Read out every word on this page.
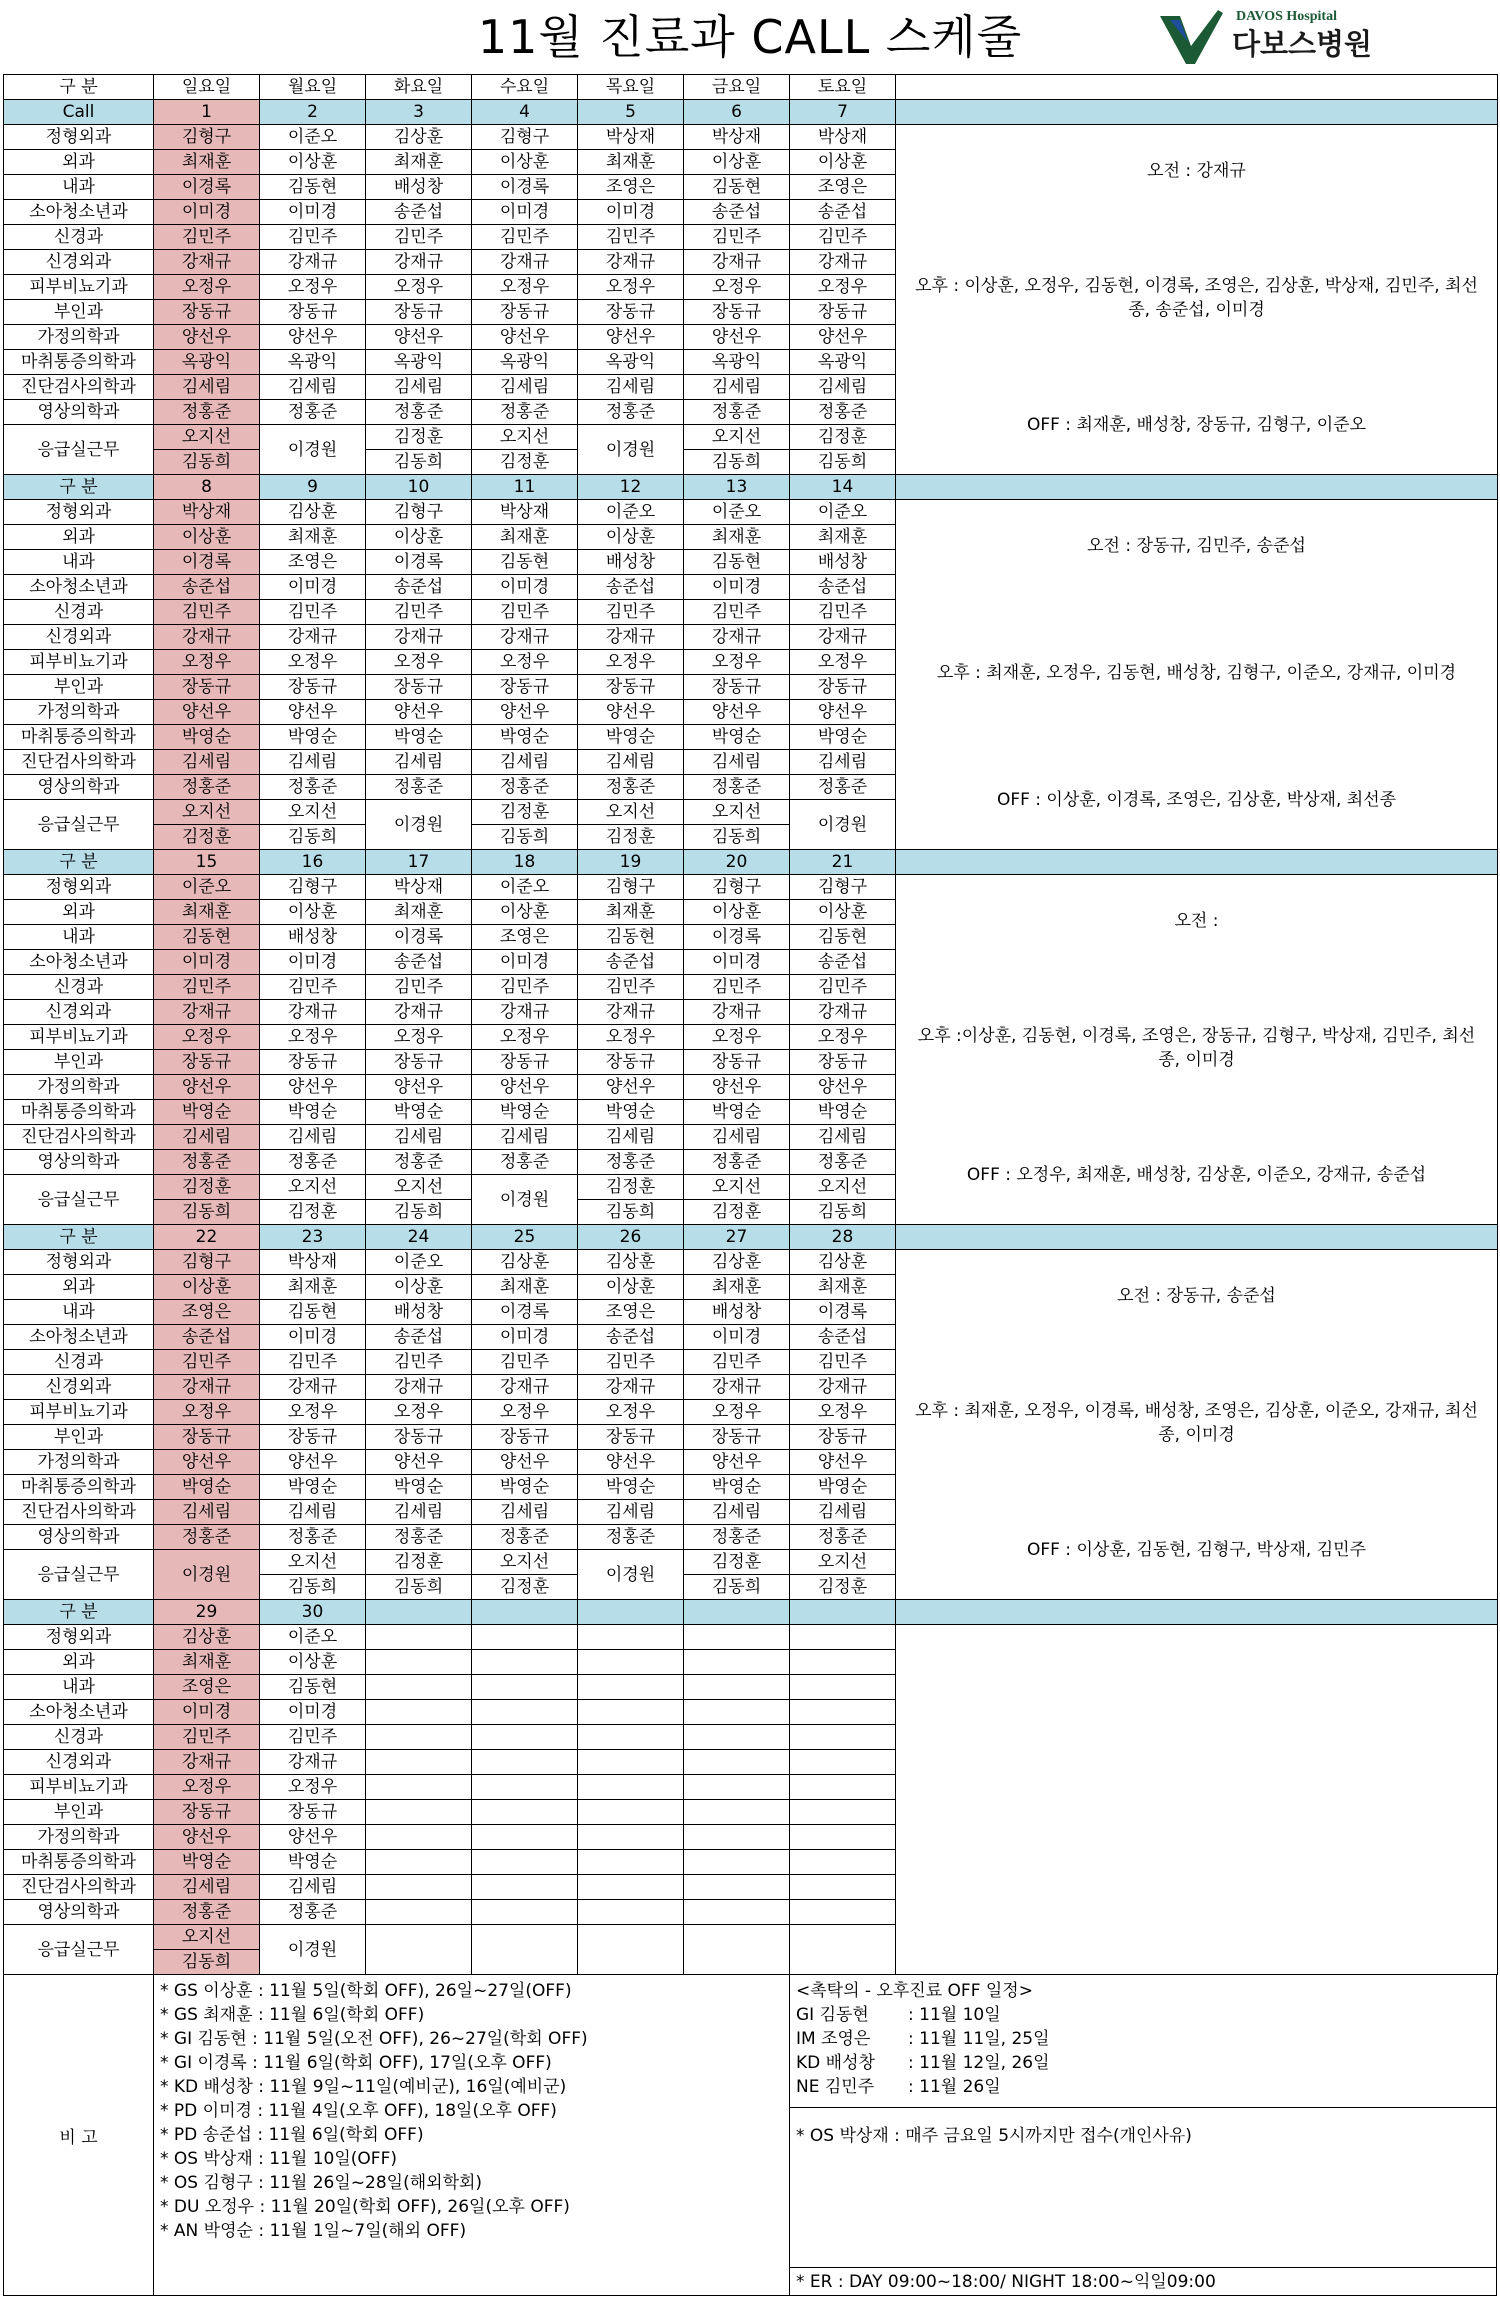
11월 진료과 CALL 스케줄	DAVOS Hospital
다보스병원
구 분	일요일	월요일	화요일	수요일	목요일	금요일	토요일	
Call	1	2	3	4	5	6	7	
정형외과	김형구	이준오	김상훈	김형구	박상재	박상재	박상재	오전 : 강재규
오후 : 이상훈, 오정우, 김동현, 이경록, 조영은, 김상훈, 박상재, 김민주, 최선종, 송준섭, 이미경
OFF : 최재훈, 배성창, 장동규, 김형구, 이준오

외과	최재훈	이상훈	최재훈	이상훈	최재훈	이상훈	이상훈	
내과	이경록	김동현	배성창	이경록	조영은	김동현	조영은	
소아청소년과	이미경	이미경	송준섭	이미경	이미경	송준섭	송준섭	
신경과	김민주	김민주	김민주	김민주	김민주	김민주	김민주	
신경외과	강재규	강재규	강재규	강재규	강재규	강재규	강재규	
피부비뇨기과	오정우	오정우	오정우	오정우	오정우	오정우	오정우	
부인과	장동규	장동규	장동규	장동규	장동규	장동규	장동규	
가정의학과	양선우	양선우	양선우	양선우	양선우	양선우	양선우	
마취통증의학과	옥광익	옥광익	옥광익	옥광익	옥광익	옥광익	옥광익	
진단검사의학과	김세림	김세림	김세림	김세림	김세림	김세림	김세림	
영상의학과	정홍준	정홍준	정홍준	정홍준	정홍준	정홍준	정홍준	
응급실근무	오지선	이경원	김정훈	오지선	이경원	오지선	김정훈	
	김동희		김동희	김정훈		김동희	김동희	
구 분	8	9	10	11	12	13	14	
정형외과	박상재	김상훈	김형구	박상재	이준오	이준오	이준오	오전 : 장동규, 김민주, 송준섭
오후 : 최재훈, 오정우, 김동현, 배성창, 김형구, 이준오, 강재규, 이미경
OFF : 이상훈, 이경록, 조영은, 김상훈, 박상재, 최선종

외과	이상훈	최재훈	이상훈	최재훈	이상훈	최재훈	최재훈	
내과	이경록	조영은	이경록	김동현	배성창	김동현	배성창	
소아청소년과	송준섭	이미경	송준섭	이미경	송준섭	이미경	송준섭	
신경과	김민주	김민주	김민주	김민주	김민주	김민주	김민주	
신경외과	강재규	강재규	강재규	강재규	강재규	강재규	강재규	
피부비뇨기과	오정우	오정우	오정우	오정우	오정우	오정우	오정우	
부인과	장동규	장동규	장동규	장동규	장동규	장동규	장동규	
가정의학과	양선우	양선우	양선우	양선우	양선우	양선우	양선우	
마취통증의학과	박영순	박영순	박영순	박영순	박영순	박영순	박영순	
진단검사의학과	김세림	김세림	김세림	김세림	김세림	김세림	김세림	
영상의학과	정홍준	정홍준	정홍준	정홍준	정홍준	정홍준	정홍준	
응급실근무	오지선	오지선	이경원	김정훈	오지선	오지선	이경원	
	김정훈	김동희		김동희	김정훈	김동희		
구 분	15	16	17	18	19	20	21	
정형외과	이준오	김형구	박상재	이준오	김형구	김형구	김형구	오전 :
오후 :이상훈, 김동현, 이경록, 조영은, 장동규, 김형구, 박상재, 김민주, 최선종, 이미경
OFF : 오정우, 최재훈, 배성창, 김상훈, 이준오, 강재규, 송준섭

외과	최재훈	이상훈	최재훈	이상훈	최재훈	이상훈	이상훈	
내과	김동현	배성창	이경록	조영은	김동현	이경록	김동현	
소아청소년과	이미경	이미경	송준섭	이미경	송준섭	이미경	송준섭	
신경과	김민주	김민주	김민주	김민주	김민주	김민주	김민주	
신경외과	강재규	강재규	강재규	강재규	강재규	강재규	강재규	
피부비뇨기과	오정우	오정우	오정우	오정우	오정우	오정우	오정우	
부인과	장동규	장동규	장동규	장동규	장동규	장동규	장동규	
가정의학과	양선우	양선우	양선우	양선우	양선우	양선우	양선우	
마취통증의학과	박영순	박영순	박영순	박영순	박영순	박영순	박영순	
진단검사의학과	김세림	김세림	김세림	김세림	김세림	김세림	김세림	
영상의학과	정홍준	정홍준	정홍준	정홍준	정홍준	정홍준	정홍준	
응급실근무	김정훈	오지선	오지선	이경원	김정훈	오지선	오지선	
	김동희	김정훈	김동희		김동희	김정훈	김동희	
구 분	22	23	24	25	26	27	28	
정형외과	김형구	박상재	이준오	김상훈	김상훈	김상훈	김상훈	오전 : 장동규, 송준섭
오후 : 최재훈, 오정우, 이경록, 배성창, 조영은, 김상훈, 이준오, 강재규, 최선종, 이미경
OFF : 이상훈, 김동현, 김형구, 박상재, 김민주

외과	이상훈	최재훈	이상훈	최재훈	이상훈	최재훈	최재훈	
내과	조영은	김동현	배성창	이경록	조영은	배성창	이경록	
소아청소년과	송준섭	이미경	송준섭	이미경	송준섭	이미경	송준섭	
신경과	김민주	김민주	김민주	김민주	김민주	김민주	김민주	
신경외과	강재규	강재규	강재규	강재규	강재규	강재규	강재규	
피부비뇨기과	오정우	오정우	오정우	오정우	오정우	오정우	오정우	
부인과	장동규	장동규	장동규	장동규	장동규	장동규	장동규	
가정의학과	양선우	양선우	양선우	양선우	양선우	양선우	양선우	
마취통증의학과	박영순	박영순	박영순	박영순	박영순	박영순	박영순	
진단검사의학과	김세림	김세림	김세림	김세림	김세림	김세림	김세림	
영상의학과	정홍준	정홍준	정홍준	정홍준	정홍준	정홍준	정홍준	
응급실근무	이경원	오지선	김정훈	오지선	이경원	김정훈	오지선	
		김동희	김동희	김정훈		김동희	김정훈	
구 분	29	30						
정형외과	김상훈	이준오						

외과	최재훈	이상훈						
내과	조영은	김동현						
소아청소년과	이미경	이미경						
신경과	김민주	김민주						
신경외과	강재규	강재규						
피부비뇨기과	오정우	오정우						
부인과	장동규	장동규						
가정의학과	양선우	양선우						
마취통증의학과	박영순	박영순						
진단검사의학과	김세림	김세림						
영상의학과	정홍준	정홍준						
응급실근무	오지선	이경원						
	김동희							
비 고
* GS 이상훈 : 11월 5일(학회 OFF), 26일~27일(OFF)
* GS 최재훈 : 11월 6일(학회 OFF)
* GI 김동현 : 11월 5일(오전 OFF), 26~27일(학회 OFF)
* GI 이경록 : 11월 6일(학회 OFF), 17일(오후 OFF)
* KD 배성창 : 11월 9일~11일(예비군), 16일(예비군)
* PD 이미경 : 11월 4일(오후 OFF), 18일(오후 OFF)
* PD 송준섭 : 11월 6일(학회 OFF)
* OS 박상재 : 11월 10일(OFF)
* OS 김형구 : 11월 26일~28일(해외학회)
* DU 오정우 : 11월 20일(학회 OFF), 26일(오후 OFF)
* AN 박영순 : 11월 1일~7일(해외 OFF)
<촉탁의 - 오후진료 OFF 일정>
GI 김동현 : 11월 10일
IM 조영은 : 11월 11일, 25일
KD 배성창 : 11월 12일, 26일
NE 김민주 : 11월 26일
* OS 박상재 : 매주 금요일 5시까지만 접수(개인사유)
* ER : DAY 09:00~18:00/ NIGHT 18:00~익일09:00
